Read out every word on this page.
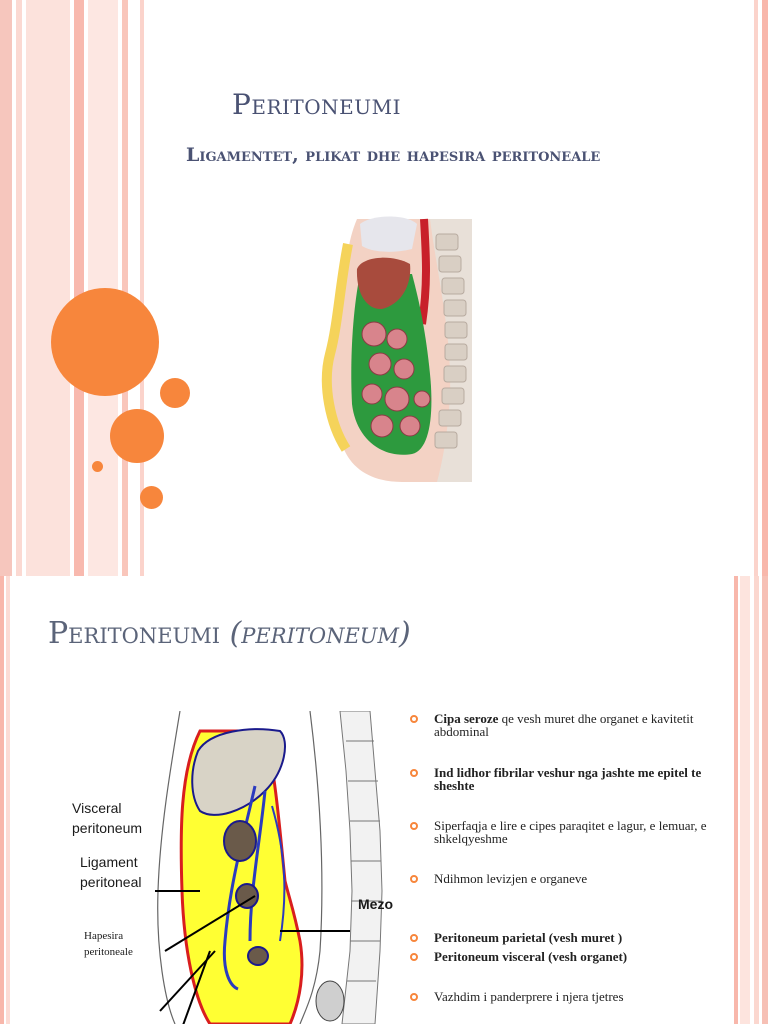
Peritoneumi
Ligamentet, plikat dhe hapesira peritoneale
Peritoneumi (peritoneum)
Visceral peritoneum
Ligament peritoneal
Hapesira peritoneale
Mezo
Cipa seroze qe vesh muret dhe organet e kavitetit abdominal
Ind lidhor fibrilar veshur nga jashte me epitel te sheshte
Siperfaqja e lire e cipes paraqitet e lagur, e lemuar, e shkelqyeshme
Ndihmon levizjen e organeve
Peritoneum parietal (vesh muret )
Peritoneum visceral (vesh organet)
Vazhdim i panderprere i njera tjetres
